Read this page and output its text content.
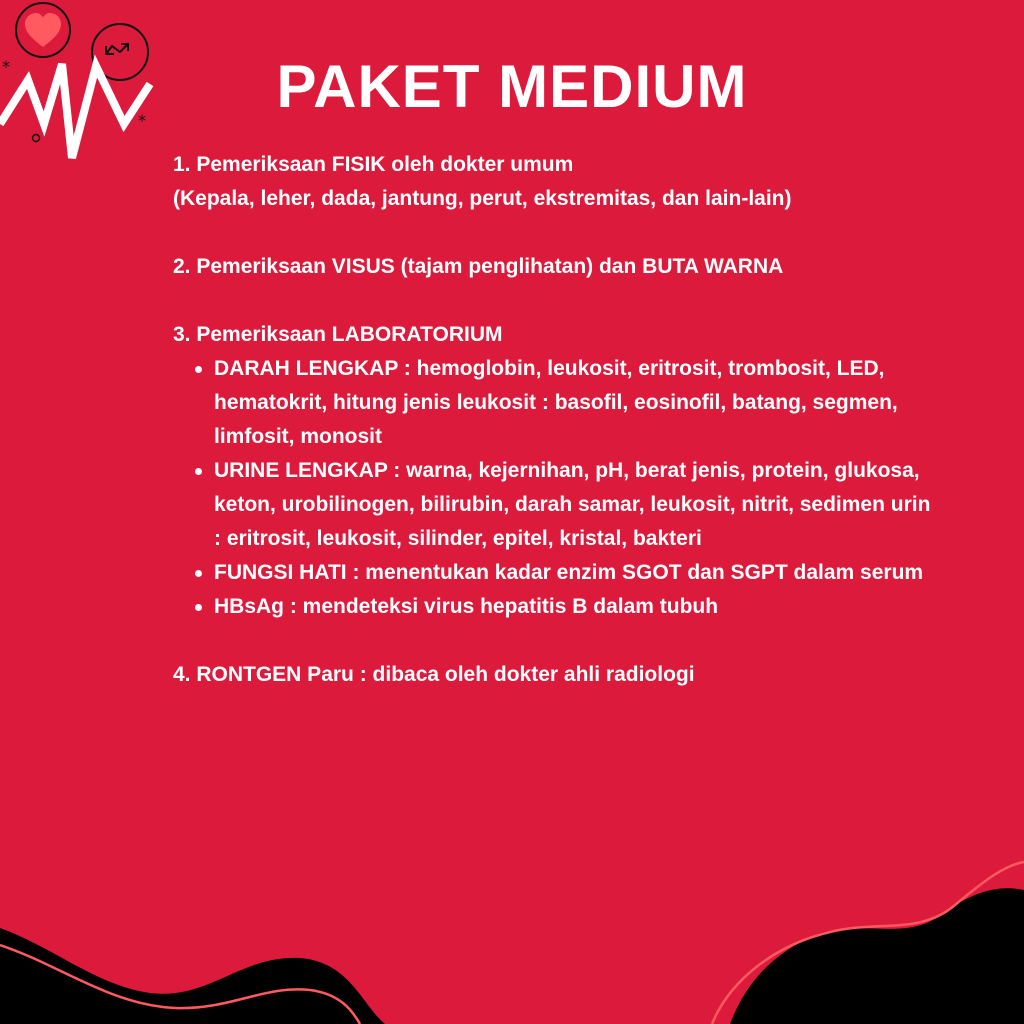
*
*
PAKET MEDIUM

1. Pemeriksaan FISIK oleh dokter umum

(Kepala, leher, dada, jantung, perut, ekstremitas, dan lain-lain)

2. Pemeriksaan VISUS (tajam penglihatan) dan BUTA WARNA

3. Pemeriksaan LABORATORIUM

DARAH LENGKAP : hemoglobin, leukosit, eritrosit, trombosit, LED, hematokrit, hitung jenis leukosit : basofil, eosinofil, batang, segmen, limfosit, monosit
URINE LENGKAP : warna, kejernihan, pH, berat jenis, protein, glukosa, keton, urobilinogen, bilirubin, darah samar, leukosit, nitrit, sedimen urin : eritrosit, leukosit, silinder, epitel, kristal, bakteri
FUNGSI HATI : menentukan kadar enzim SGOT dan SGPT dalam serum
HBsAg : mendeteksi virus hepatitis B dalam tubuh

4. RONTGEN Paru : dibaca oleh dokter ahli radiologi
